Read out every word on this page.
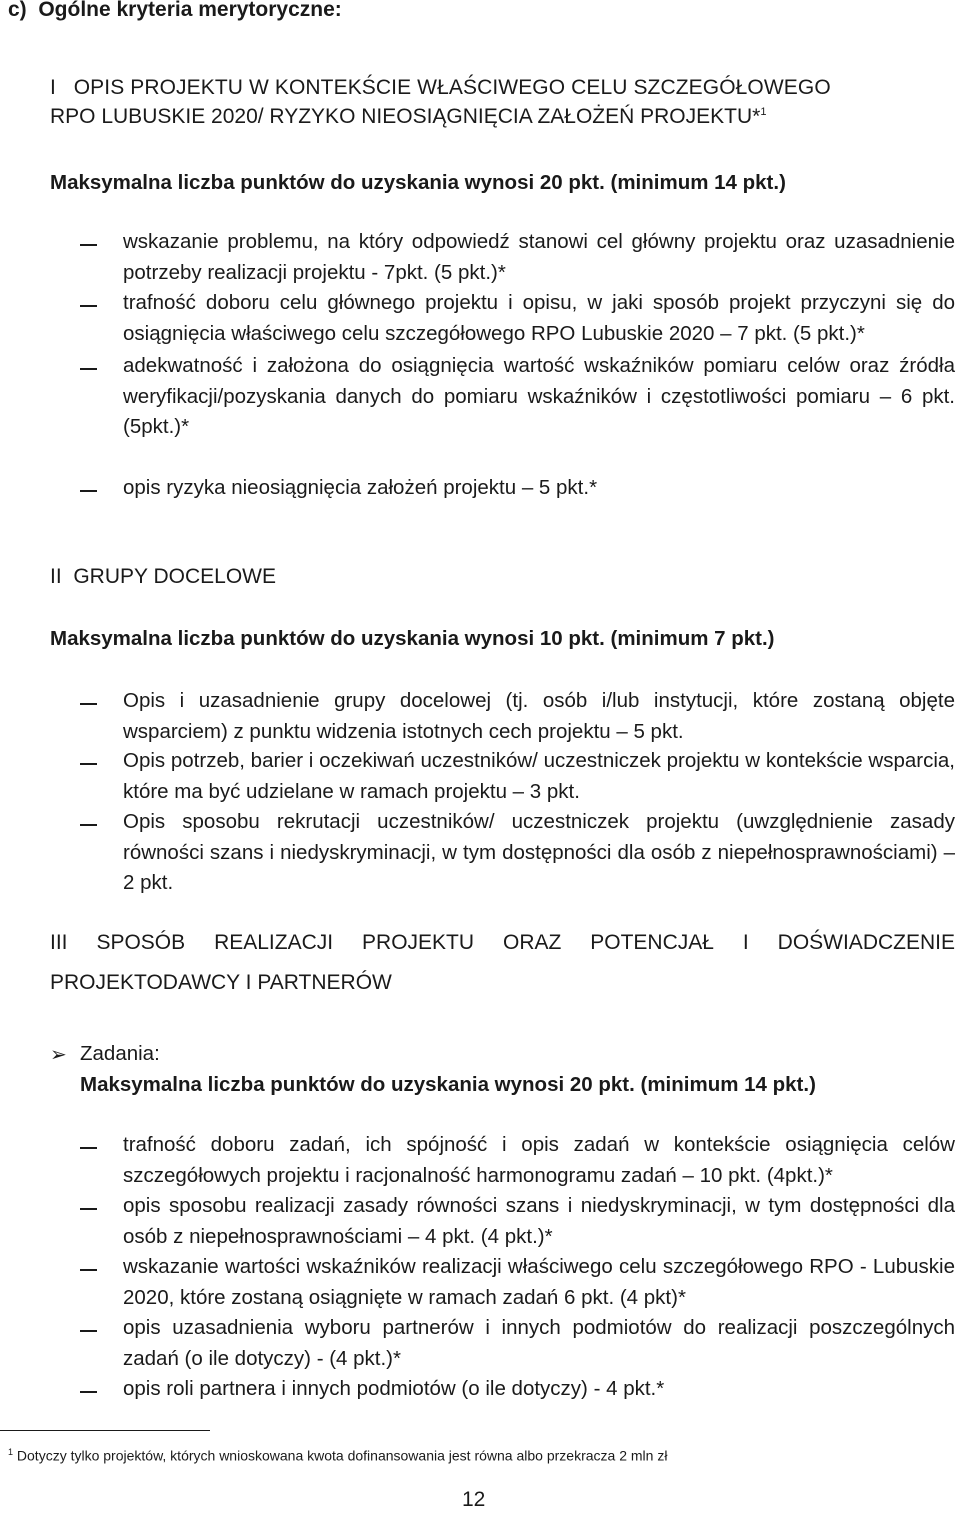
c)  Ogólne kryteria merytoryczne:
I   OPIS PROJEKTU W KONTEKŚCIE WŁAŚCIWEGO CELU SZCZEGÓŁOWEGO
RPO LUBUSKIE 2020/ RYZYKO NIEOSIĄGNIĘCIA ZAŁOŻEŃ PROJEKTU*$^1$
Maksymalna liczba punktów do uzyskania wynosi 20 pkt. (minimum 14 pkt.)
wskazanie problemu, na który odpowiedź stanowi cel główny projektu oraz uzasadnienie potrzeby realizacji projektu - 7pkt. (5 pkt.)*
trafność doboru celu głównego projektu i opisu, w jaki sposób projekt przyczyni się do osiągnięcia właściwego celu szczegółowego RPO Lubuskie 2020 – 7 pkt. (5 pkt.)*
adekwatność i założona do osiągnięcia wartość wskaźników pomiaru celów oraz źródła weryfikacji/pozyskania danych do pomiaru wskaźników i częstotliwości pomiaru – 6 pkt. (5pkt.)*
opis ryzyka nieosiągnięcia założeń projektu – 5 pkt.*
II  GRUPY DOCELOWE
Maksymalna liczba punktów do uzyskania wynosi 10 pkt. (minimum 7 pkt.)
Opis i uzasadnienie grupy docelowej (tj. osób i/lub instytucji, które zostaną objęte wsparciem) z punktu widzenia istotnych cech projektu – 5 pkt.
Opis potrzeb, barier i oczekiwań uczestników/ uczestniczek projektu w kontekście wsparcia, które ma być udzielane w ramach projektu – 3 pkt.
Opis sposobu rekrutacji uczestników/ uczestniczek projektu (uwzględnienie zasady równości szans i niedyskryminacji, w tym dostępności dla osób z niepełnosprawnościami) – 2 pkt.
III SPOSÓB REALIZACJI PROJEKTU ORAZ POTENCJAŁ I DOŚWIADCZENIE
PROJEKTODAWCY I PARTNERÓW
➢ Zadania:
Maksymalna liczba punktów do uzyskania wynosi 20 pkt. (minimum 14 pkt.)
trafność doboru zadań, ich spójność i opis zadań w kontekście osiągnięcia celów szczegółowych projektu i racjonalność harmonogramu zadań – 10 pkt. (4pkt.)*
opis sposobu realizacji zasady równości szans i niedyskryminacji, w tym dostępności dla osób z niepełnosprawnościami – 4 pkt. (4 pkt.)*
wskazanie wartości wskaźników realizacji właściwego celu szczegółowego RPO - Lubuskie 2020, które zostaną osiągnięte w ramach zadań 6 pkt. (4 pkt)*
opis uzasadnienia wyboru partnerów i innych podmiotów do realizacji poszczególnych zadań (o ile dotyczy) - (4 pkt.)*
opis roli partnera i innych podmiotów (o ile dotyczy) - 4 pkt.*
$^1$ Dotyczy tylko projektów, których wnioskowana kwota dofinansowania jest równa albo przekracza 2 mln zł
12
